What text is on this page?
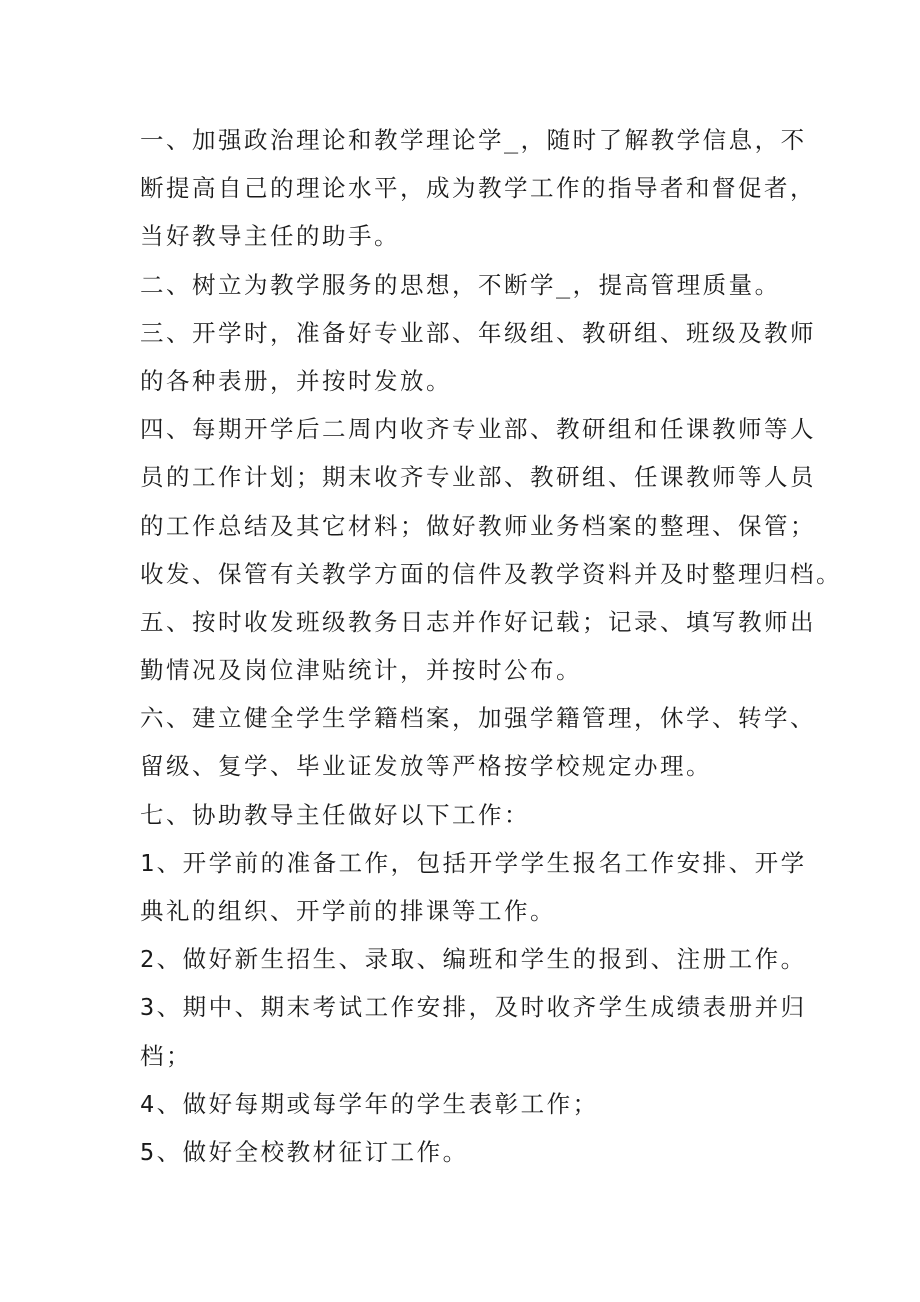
一、加强政治理论和教学理论学_，随时了解教学信息，不
断提高自己的理论水平，成为教学工作的指导者和督促者，
当好教导主任的助手。
二、树立为教学服务的思想，不断学_，提高管理质量。
三、开学时，准备好专业部、年级组、教研组、班级及教师
的各种表册，并按时发放。
四、每期开学后二周内收齐专业部、教研组和任课教师等人
员的工作计划；期末收齐专业部、教研组、任课教师等人员
的工作总结及其它材料；做好教师业务档案的整理、保管；
收发、保管有关教学方面的信件及教学资料并及时整理归档。
五、按时收发班级教务日志并作好记载；记录、填写教师出
勤情况及岗位津贴统计，并按时公布。
六、建立健全学生学籍档案，加强学籍管理，休学、转学、
留级、复学、毕业证发放等严格按学校规定办理。
七、协助教导主任做好以下工作：
1、开学前的准备工作，包括开学学生报名工作安排、开学
典礼的组织、开学前的排课等工作。
2、做好新生招生、录取、编班和学生的报到、注册工作。
3、期中、期末考试工作安排，及时收齐学生成绩表册并归
档；
4、做好每期或每学年的学生表彰工作；
5、做好全校教材征订工作。
